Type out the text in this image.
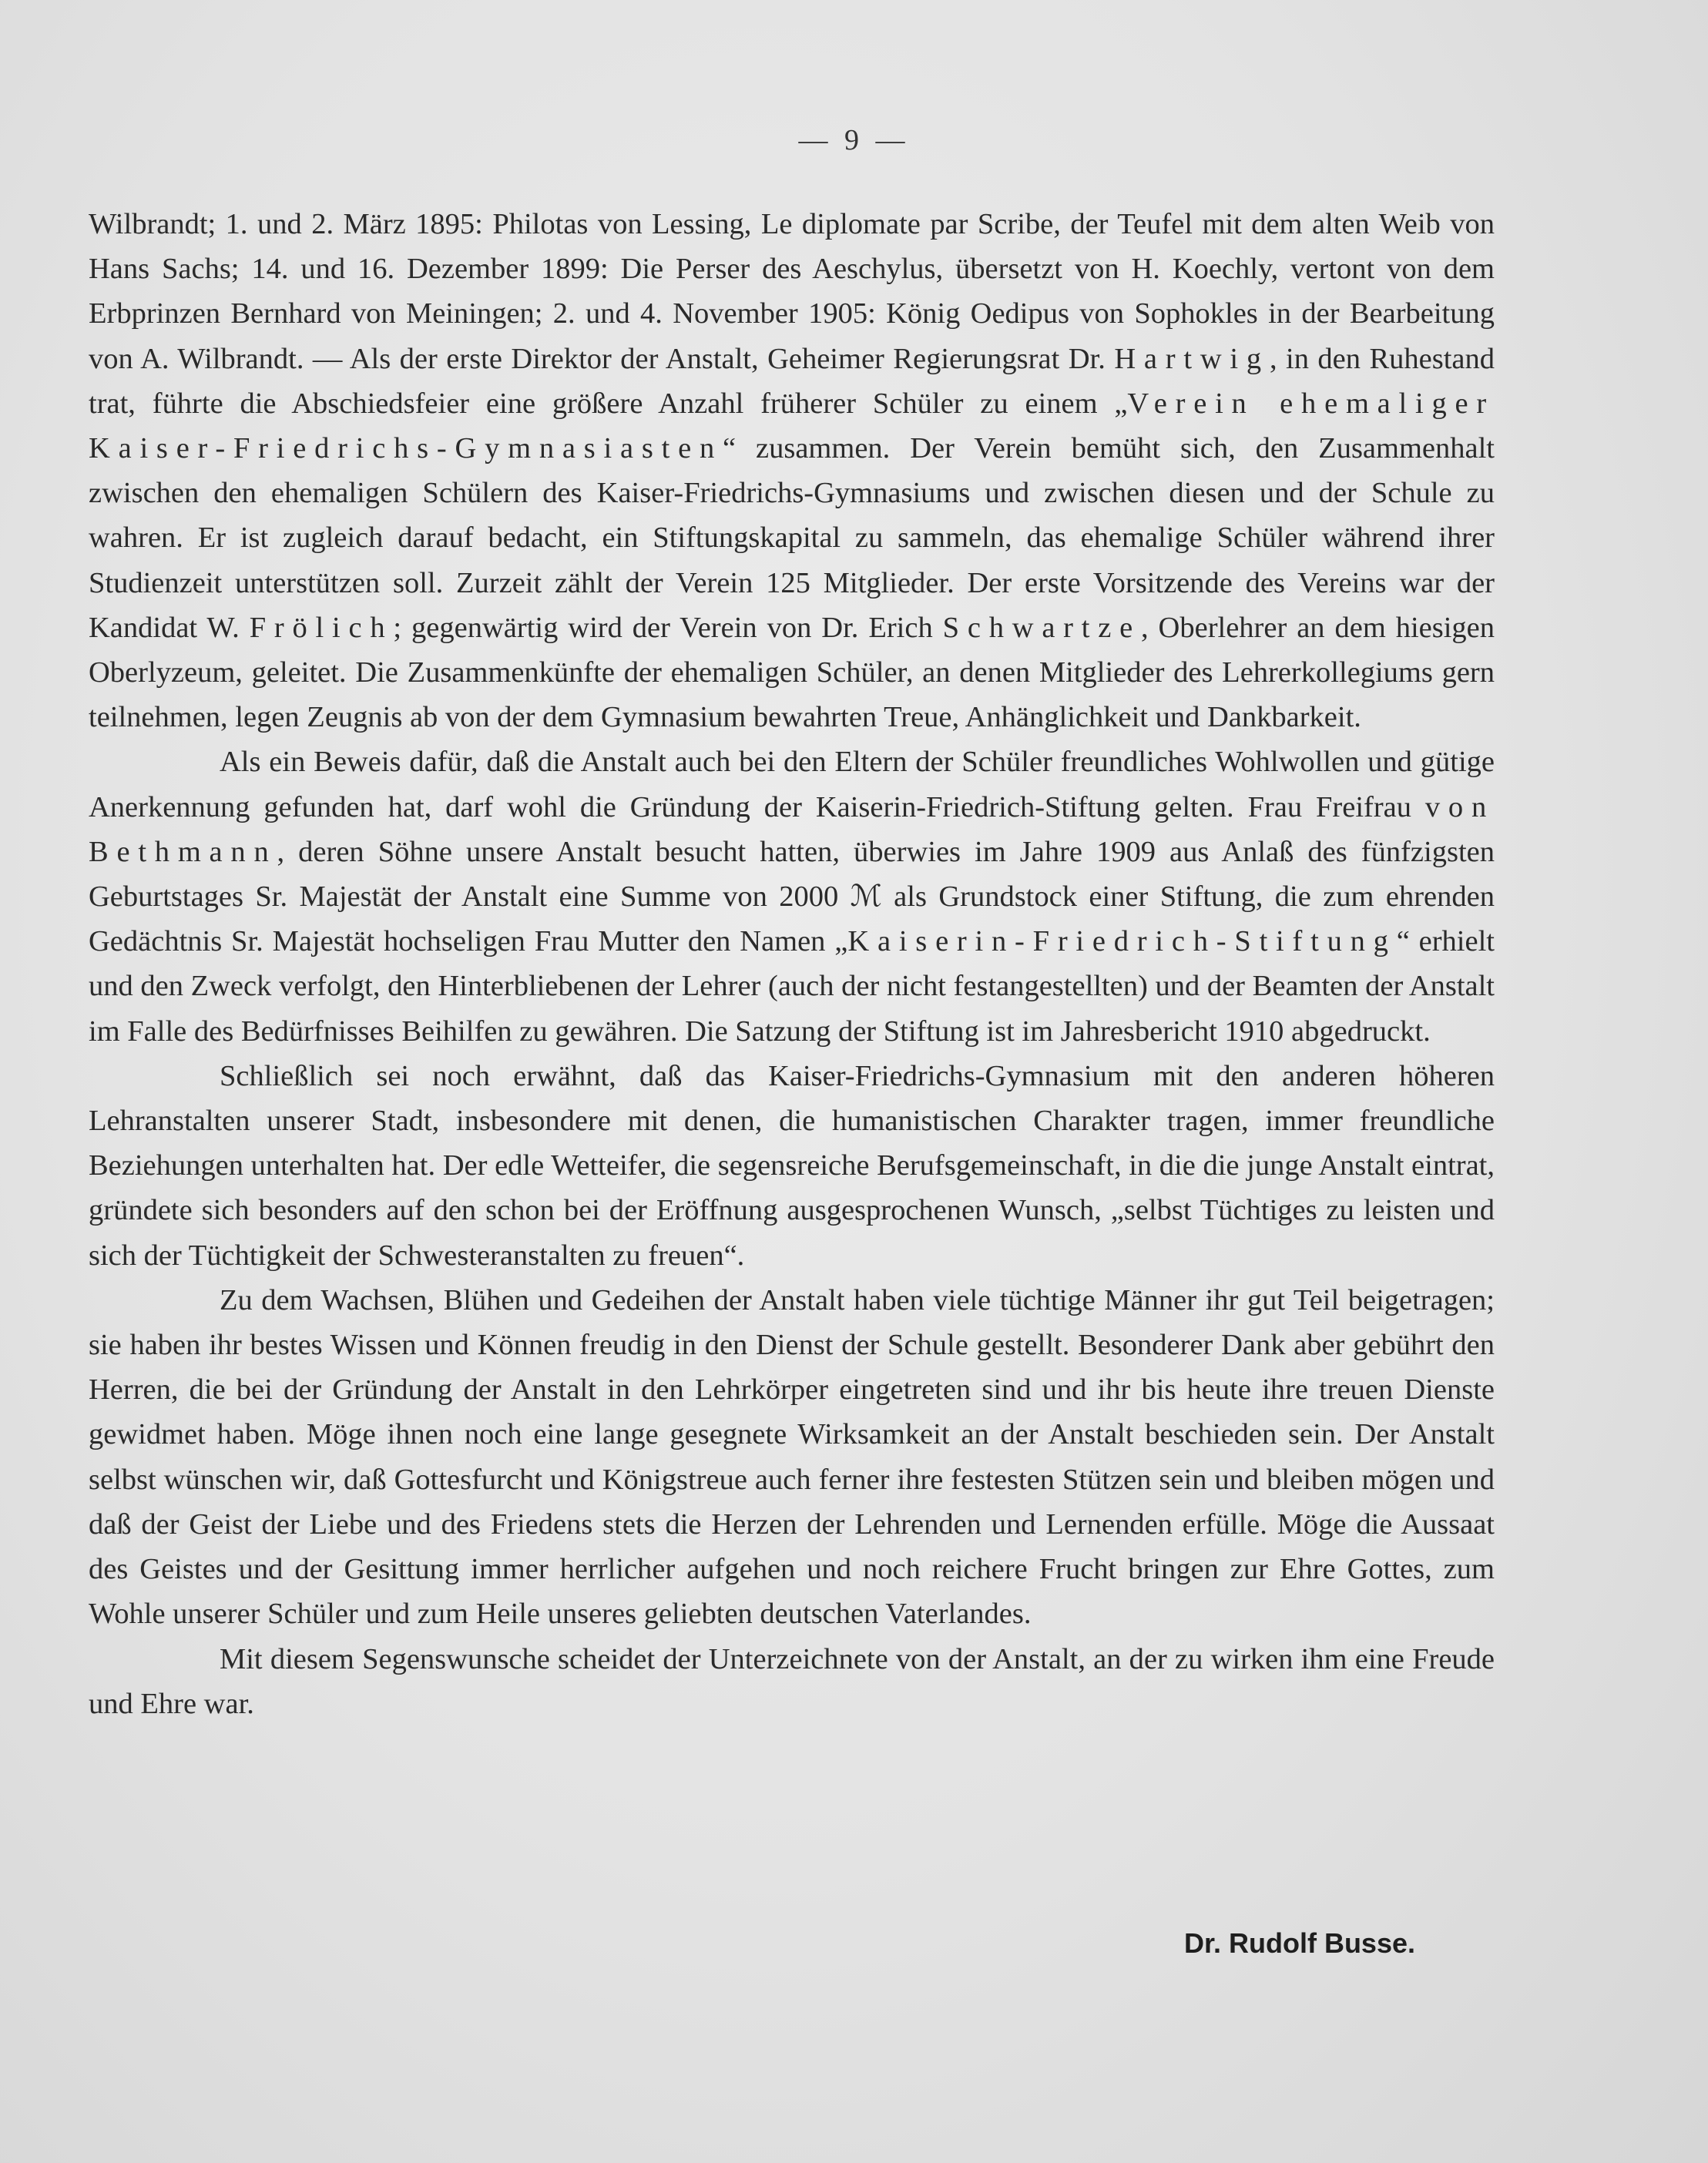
— 9 —

Wilbrandt; 1. und 2. März 1895: Philotas von Lessing, Le diplomate par Scribe, der Teufel mit dem alten Weib von Hans Sachs; 14. und 16. Dezember 1899: Die Perser des Aeschylus, übersetzt von H. Koechly, vertont von dem Erbprinzen Bernhard von Meiningen; 2. und 4. November 1905: König Oedipus von Sophokles in der Bearbeitung von A. Wilbrandt. — Als der erste Direktor der Anstalt, Geheimer Regierungsrat Dr. Hartwig, in den Ruhestand trat, führte die Abschiedsfeier eine größere Anzahl früherer Schüler zu einem „Verein ehemaliger Kaiser-Friedrichs-Gymnasiasten“ zusammen. Der Verein bemüht sich, den Zusammenhalt zwischen den ehemaligen Schülern des Kaiser-Friedrichs-Gymnasiums und zwischen diesen und der Schule zu wahren. Er ist zugleich darauf bedacht, ein Stiftungskapital zu sammeln, das ehemalige Schüler während ihrer Studienzeit unterstützen soll. Zurzeit zählt der Verein 125 Mitglieder. Der erste Vorsitzende des Vereins war der Kandidat W. Frölich; gegenwärtig wird der Verein von Dr. Erich Schwartze, Oberlehrer an dem hiesigen Oberlyzeum, geleitet. Die Zusammenkünfte der ehemaligen Schüler, an denen Mitglieder des Lehrerkollegiums gern teilnehmen, legen Zeugnis ab von der dem Gymnasium bewahrten Treue, Anhänglichkeit und Dankbarkeit.

Als ein Beweis dafür, daß die Anstalt auch bei den Eltern der Schüler freundliches Wohlwollen und gütige Anerkennung gefunden hat, darf wohl die Gründung der Kaiserin-Friedrich-Stiftung gelten. Frau Freifrau von Bethmann, deren Söhne unsere Anstalt besucht hatten, überwies im Jahre 1909 aus Anlaß des fünfzigsten Geburtstages Sr. Majestät der Anstalt eine Summe von 2000 ℳ als Grundstock einer Stiftung, die zum ehrenden Gedächtnis Sr. Majestät hochseligen Frau Mutter den Namen „Kaiserin-Friedrich-Stiftung“ erhielt und den Zweck verfolgt, den Hinterbliebenen der Lehrer (auch der nicht festangestellten) und der Beamten der Anstalt im Falle des Bedürfnisses Beihilfen zu gewähren. Die Satzung der Stiftung ist im Jahresbericht 1910 abgedruckt.

Schließlich sei noch erwähnt, daß das Kaiser-Friedrichs-Gymnasium mit den anderen höheren Lehranstalten unserer Stadt, insbesondere mit denen, die humanistischen Charakter tragen, immer freundliche Beziehungen unterhalten hat. Der edle Wetteifer, die segensreiche Berufsgemeinschaft, in die die junge Anstalt eintrat, gründete sich besonders auf den schon bei der Eröffnung ausgesprochenen Wunsch, „selbst Tüchtiges zu leisten und sich der Tüchtigkeit der Schwesteranstalten zu freuen“.

Zu dem Wachsen, Blühen und Gedeihen der Anstalt haben viele tüchtige Männer ihr gut Teil beigetragen; sie haben ihr bestes Wissen und Können freudig in den Dienst der Schule gestellt. Besonderer Dank aber gebührt den Herren, die bei der Gründung der Anstalt in den Lehrkörper eingetreten sind und ihr bis heute ihre treuen Dienste gewidmet haben. Möge ihnen noch eine lange gesegnete Wirksamkeit an der Anstalt beschieden sein. Der Anstalt selbst wünschen wir, daß Gottesfurcht und Königstreue auch ferner ihre festesten Stützen sein und bleiben mögen und daß der Geist der Liebe und des Friedens stets die Herzen der Lehrenden und Lernenden erfülle. Möge die Aussaat des Geistes und der Gesittung immer herrlicher aufgehen und noch reichere Frucht bringen zur Ehre Gottes, zum Wohle unserer Schüler und zum Heile unseres geliebten deutschen Vaterlandes.

Mit diesem Segenswunsche scheidet der Unterzeichnete von der Anstalt, an der zu wirken ihm eine Freude und Ehre war.

Dr. Rudolf Busse.
